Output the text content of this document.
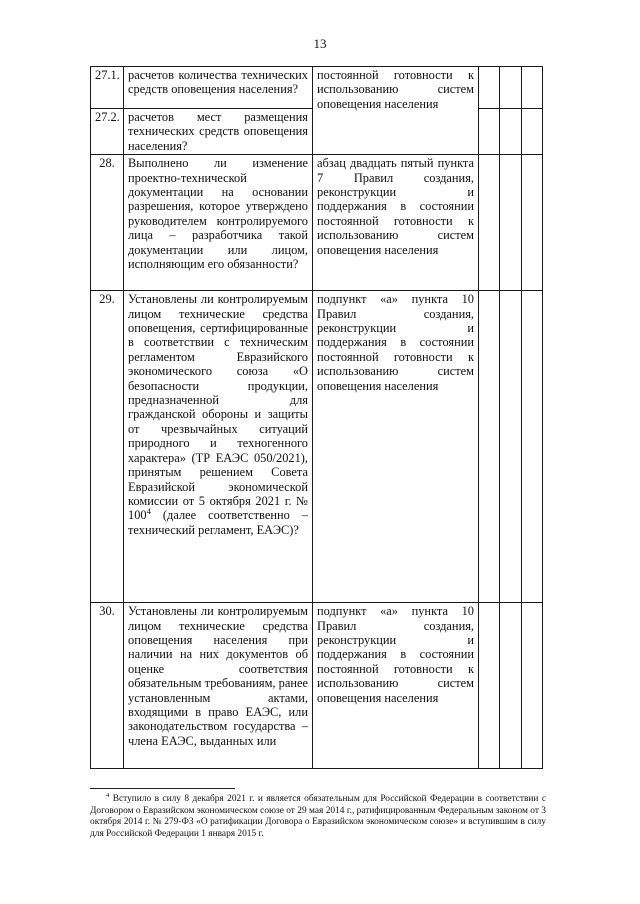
13
27.1.	расчетов количества технических средств оповещения населения?	постоянной готовности к использованию систем оповещения населения			
27.2.	расчетов мест размещения технических средств оповещения населения?				
28.	Выполнено ли изменение проектно-технической документации на основании разрешения, которое утверждено руководителем контролируемого лица – разработчика такой документации или лицом, исполняющим его обязанности?	абзац двадцать пятый пункта 7 Правил создания, реконструкции и поддержания в состоянии постоянной готовности к использованию систем оповещения населения			
29.	Установлены ли контролируемым лицом технические средства оповещения, сертифицированные в соответствии с техническим регламентом Евразийского экономического союза «О безопасности продукции, предназначенной для гражданской обороны и защиты от чрезвычайных ситуаций природного и техногенного характера» (ТР ЕАЭС 050/2021), принятым решением Совета Евразийской экономической комиссии от 5 октября 2021 г. № $100^4$ (далее соответственно – технический регламент, ЕАЭС)?	подпункт «а» пункта 10 Правил создания, реконструкции и поддержания в состоянии постоянной готовности к использованию систем оповещения населения			
30.	Установлены ли контролируемым лицом технические средства оповещения населения при наличии на них документов об оценке соответствия обязательным требованиям, ранее установленным актами, входящими в право ЕАЭС, или законодательством государства – члена ЕАЭС, выданных или	подпункт «а» пункта 10 Правил создания, реконструкции и поддержания в состоянии постоянной готовности к использованию систем оповещения населения			

$^4$ Вступило в силу 8 декабря 2021 г. и является обязательным для Российской Федерации в соответствии с Договором о Евразийском экономическом союзе от 29 мая 2014 г., ратифицированным Федеральным законом от 3 октября 2014 г. № 279-ФЗ «О ратификации Договора о Евразийском экономическом союзе» и вступившим в силу для Российской Федерации 1 января 2015 г.
